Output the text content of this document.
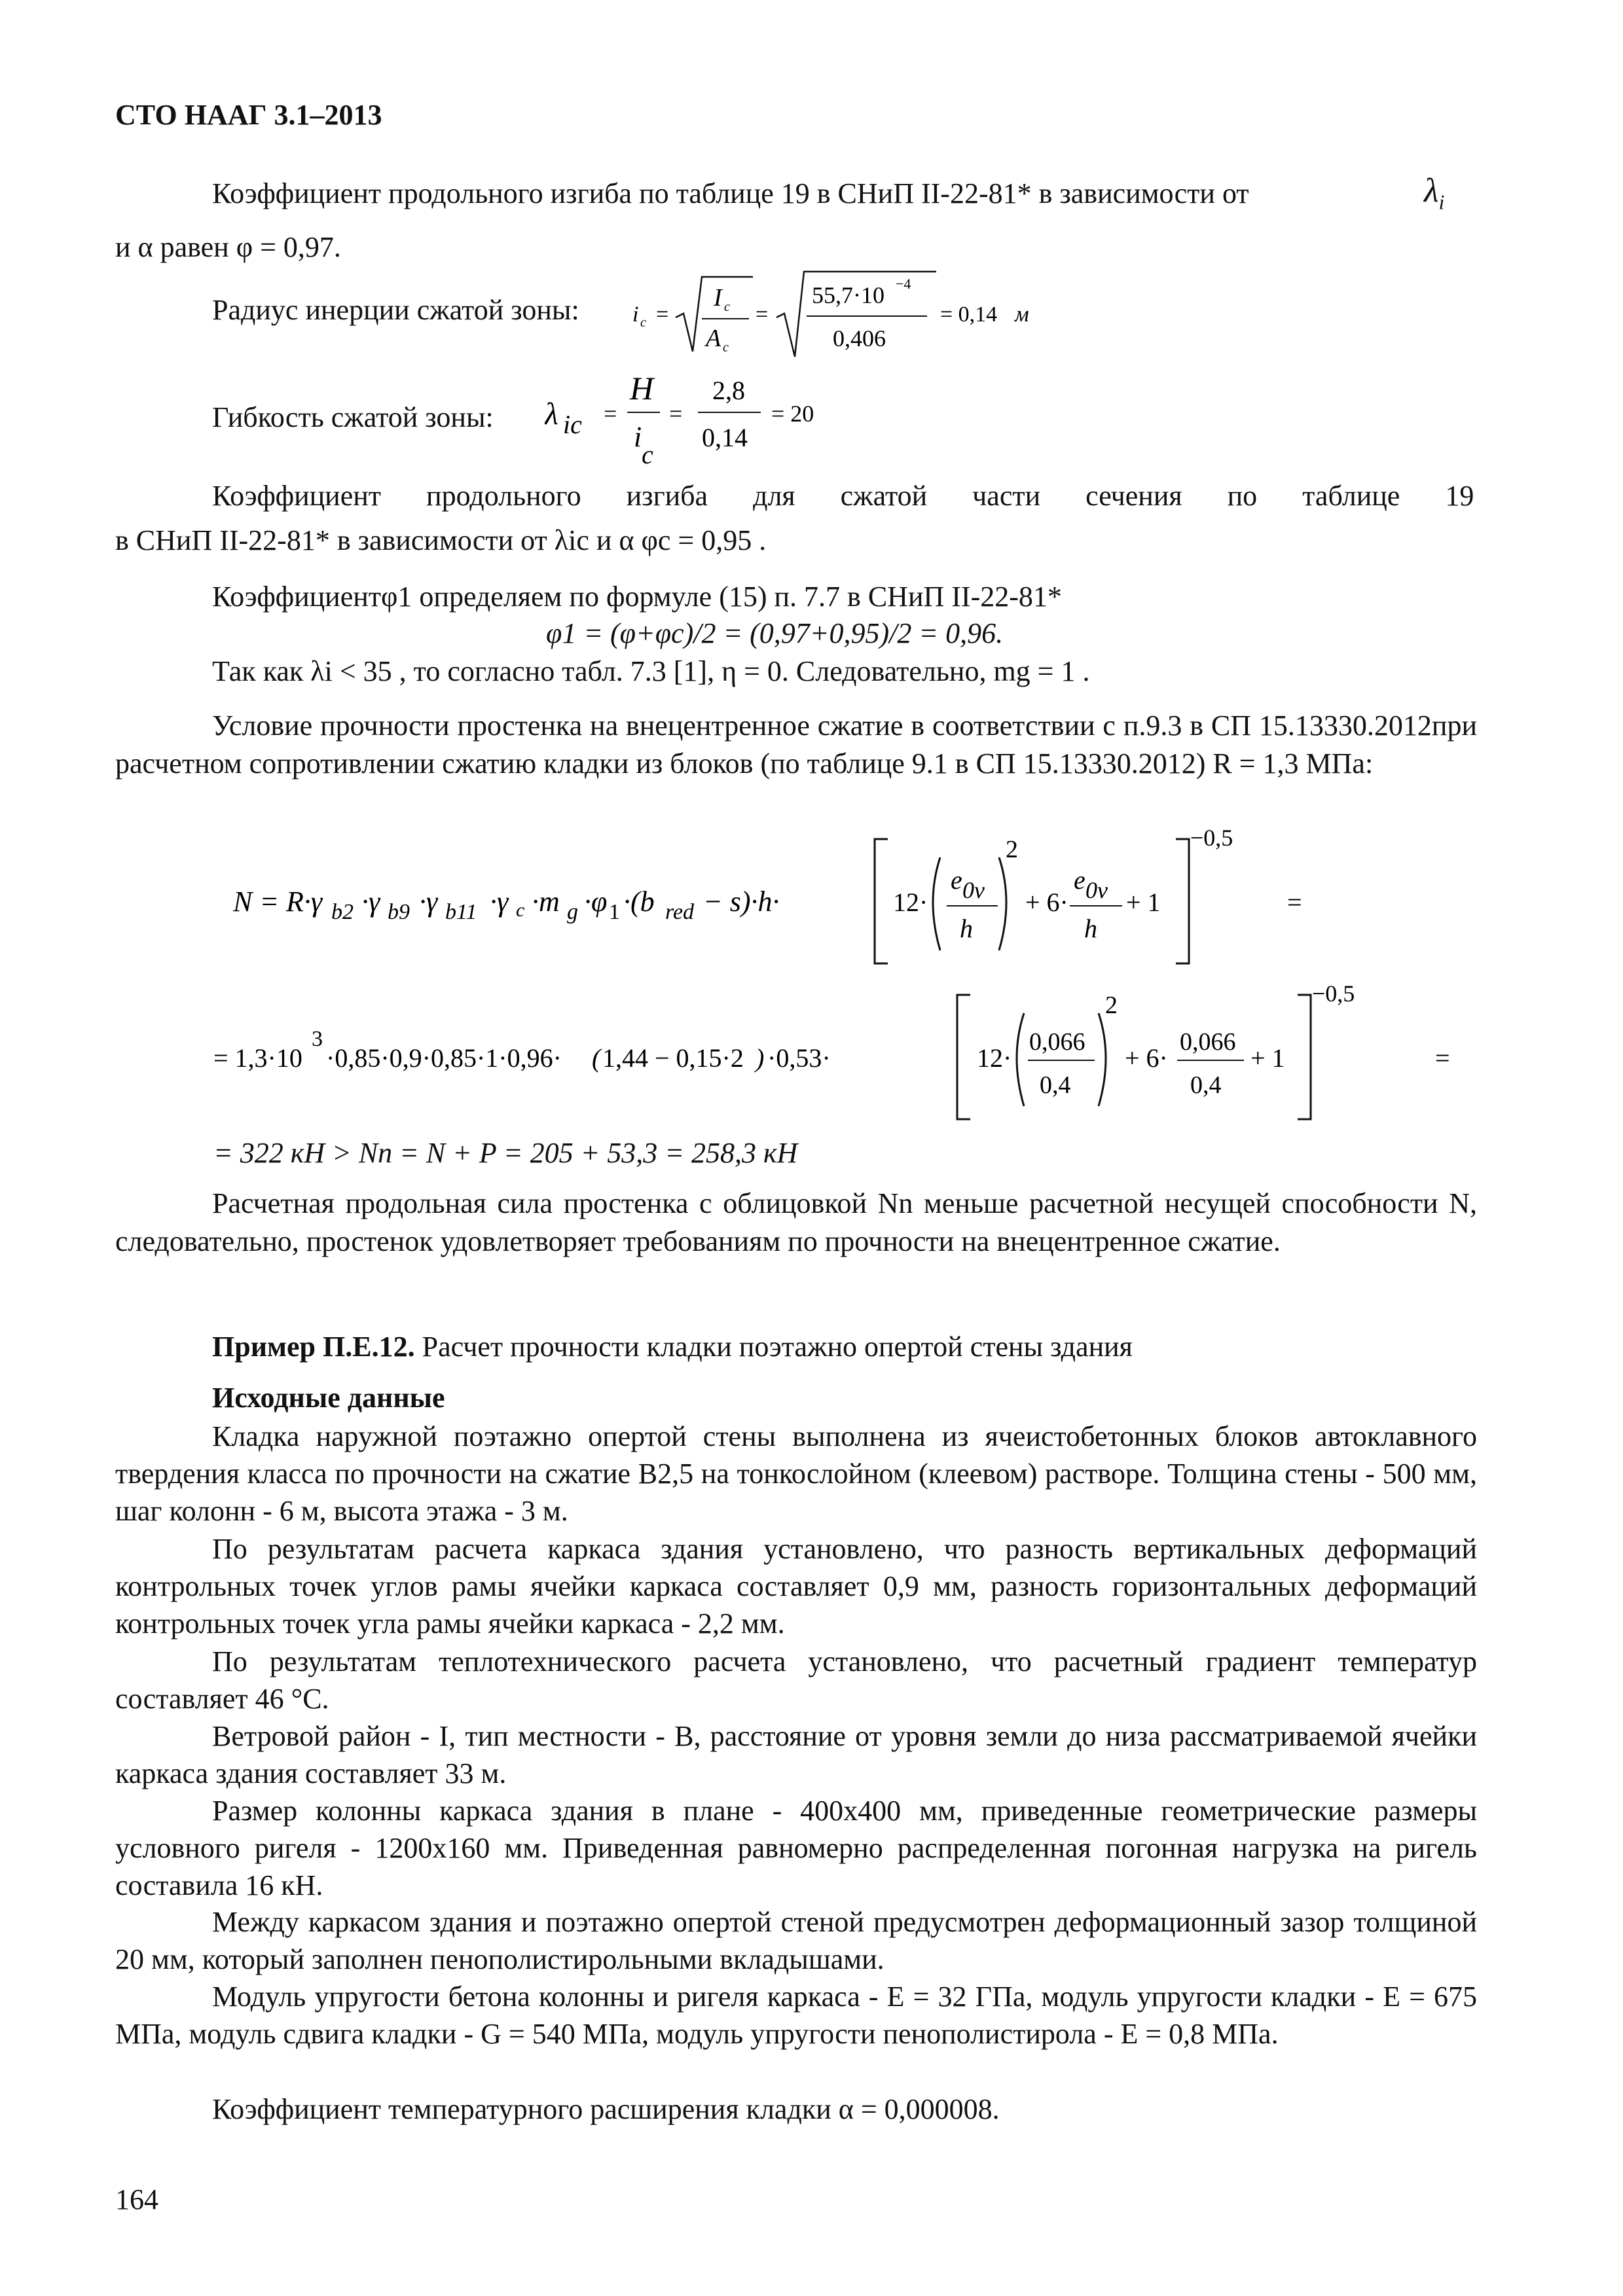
СТО НААГ 3.1–2013
Коэффициент продольного изгиба по таблице 19 в СНиП II-22-81* в зависимости от	$\lambda_i$
и α равен φ = 0,97.
Радиус инерции сжатой зоны: i c =
I c
A c
=
55,7·10 −4
0,406
= 0,14 м
Гибкость сжатой зоны: λ ic =
H
i
c
=
2,8
0,14
= 20
Коэффициент продольного изгиба для сжатой части сечения по таблице 19
в СНиП II-22-81* в зависимости от λic и α φc = 0,95 .
Коэффициентφ1 определяем по формуле (15) п. 7.7 в СНиП II-22-81*
φ1 = (φ+φc)/2 = (0,97+0,95)/2 = 0,96.
Так как λi < 35 , то согласно табл. 7.3 [1], η = 0. Следовательно, mg = 1 .
Условие прочности простенка на внецентренное сжатие в соответствии с п.9.3 в СП 15.13330.2012при расчетном сопротивлении сжатию кладки из блоков (по таблице 9.1 в СП 15.13330.2012) R = 1,3 МПа:
N = R·γ b2 ·γ b9 ·γ b11 ·γ c ·m g ·φ 1 ·(b red − s)·h·	12·
e 0v
h
2
+ 6·
e 0v
h
+ 1
−0,5
=
= 1,3·10
3
·0,85·0,9·0,85·1·0,96· ( 1,44 − 0,15·2 ) ·0,53·	12·
0,066
0,4
2
+ 6·
0,066
0,4
+ 1
−0,5
=
= 322 кН > Nn = N + P = 205 + 53,3 = 258,3 кН
Расчетная продольная сила простенка с облицовкой Nn меньше расчетной несущей способности N, следовательно, простенок удовлетворяет требованиям по прочности на внецентренное сжатие.
Пример П.Е.12. Расчет прочности кладки поэтажно опертой стены здания
Исходные данные
Кладка наружной поэтажно опертой стены выполнена из ячеистобетонных блоков автоклавного твердения класса по прочности на сжатие В2,5 на тонкослойном (клеевом) растворе. Толщина стены - 500 мм, шаг колонн - 6 м, высота этажа - 3 м.
По результатам расчета каркаса здания установлено, что разность вертикальных деформаций контрольных точек углов рамы ячейки каркаса составляет 0,9 мм, разность горизонтальных деформаций контрольных точек угла рамы ячейки каркаса - 2,2 мм.
По результатам теплотехнического расчета установлено, что расчетный градиент температур составляет 46 °С.
Ветровой район - I, тип местности - В, расстояние от уровня земли до низа рассматриваемой ячейки каркаса здания составляет 33 м.
Размер колонны каркаса здания в плане - 400х400 мм, приведенные геометрические размеры условного ригеля - 1200х160 мм. Приведенная равномерно распределенная погонная нагрузка на ригель составила 16 кН.
Между каркасом здания и поэтажно опертой стеной предусмотрен деформационный зазор толщиной 20 мм, который заполнен пенополистирольными вкладышами.
Модуль упругости бетона колонны и ригеля каркаса - E = 32 ГПа, модуль упругости кладки - E = 675 МПа, модуль сдвига кладки - G = 540 МПа, модуль упругости пенополистирола - E = 0,8 МПа.
Коэффициент температурного расширения кладки α = 0,000008.
164
